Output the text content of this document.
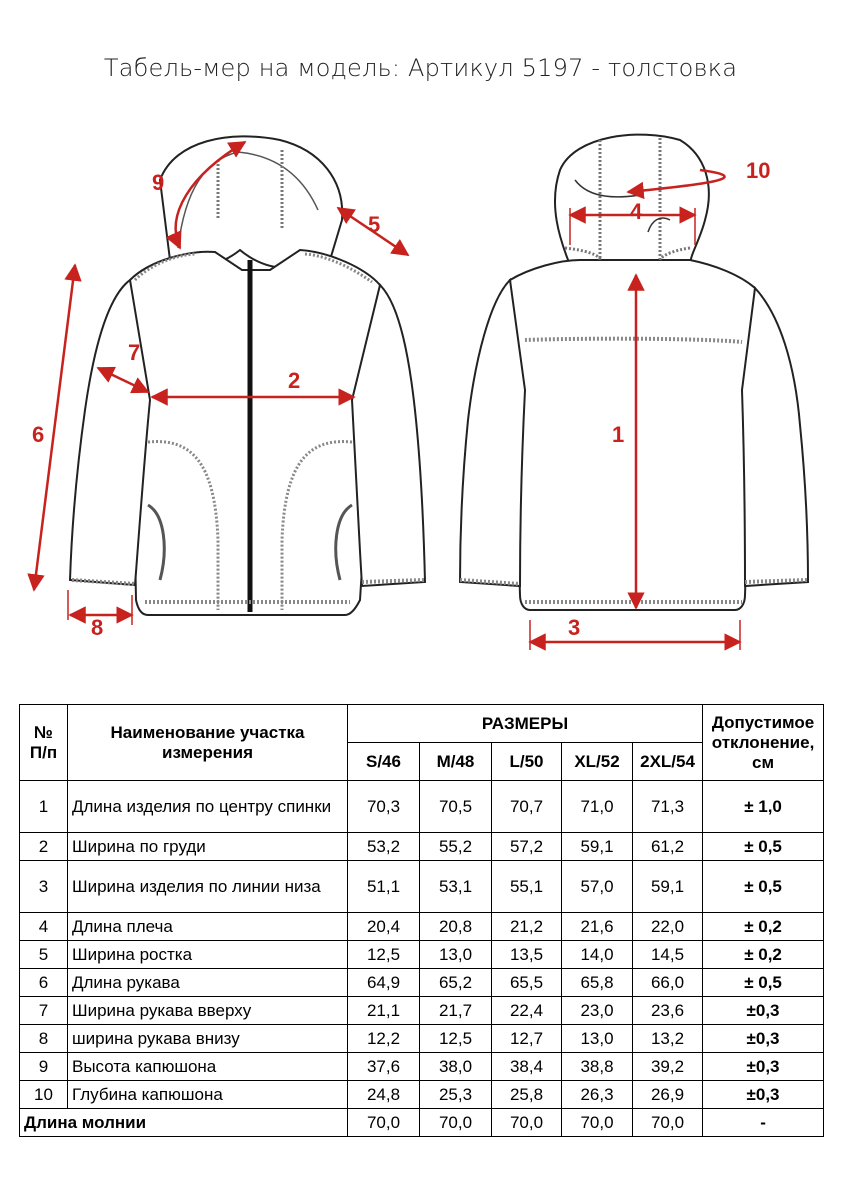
Табель-мер на модель: Артикул 5197 - толстовка
9
5
7
2
6
8
10
4
1
3
№ П/п	Наименование участка измерения	РАЗМЕРЫ					Допустимое отклонение, см
		S/46	M/48	L/50	XL/52	2XL/54	
1	Длина изделия по центру спинки	70,3	70,5	70,7	71,0	71,3	± 1,0
2	Ширина по груди	53,2	55,2	57,2	59,1	61,2	± 0,5
3	Ширина изделия по линии низа	51,1	53,1	55,1	57,0	59,1	± 0,5
4	Длина плеча	20,4	20,8	21,2	21,6	22,0	± 0,2
5	Ширина ростка	12,5	13,0	13,5	14,0	14,5	± 0,2
6	Длина рукава	64,9	65,2	65,5	65,8	66,0	± 0,5
7	Ширина рукава вверху	21,1	21,7	22,4	23,0	23,6	±0,3
8	ширина рукава внизу	12,2	12,5	12,7	13,0	13,2	±0,3
9	Высота капюшона	37,6	38,0	38,4	38,8	39,2	±0,3
10	Глубина капюшона	24,8	25,3	25,8	26,3	26,9	±0,3
Длина молнии		70,0	70,0	70,0	70,0	70,0	-
